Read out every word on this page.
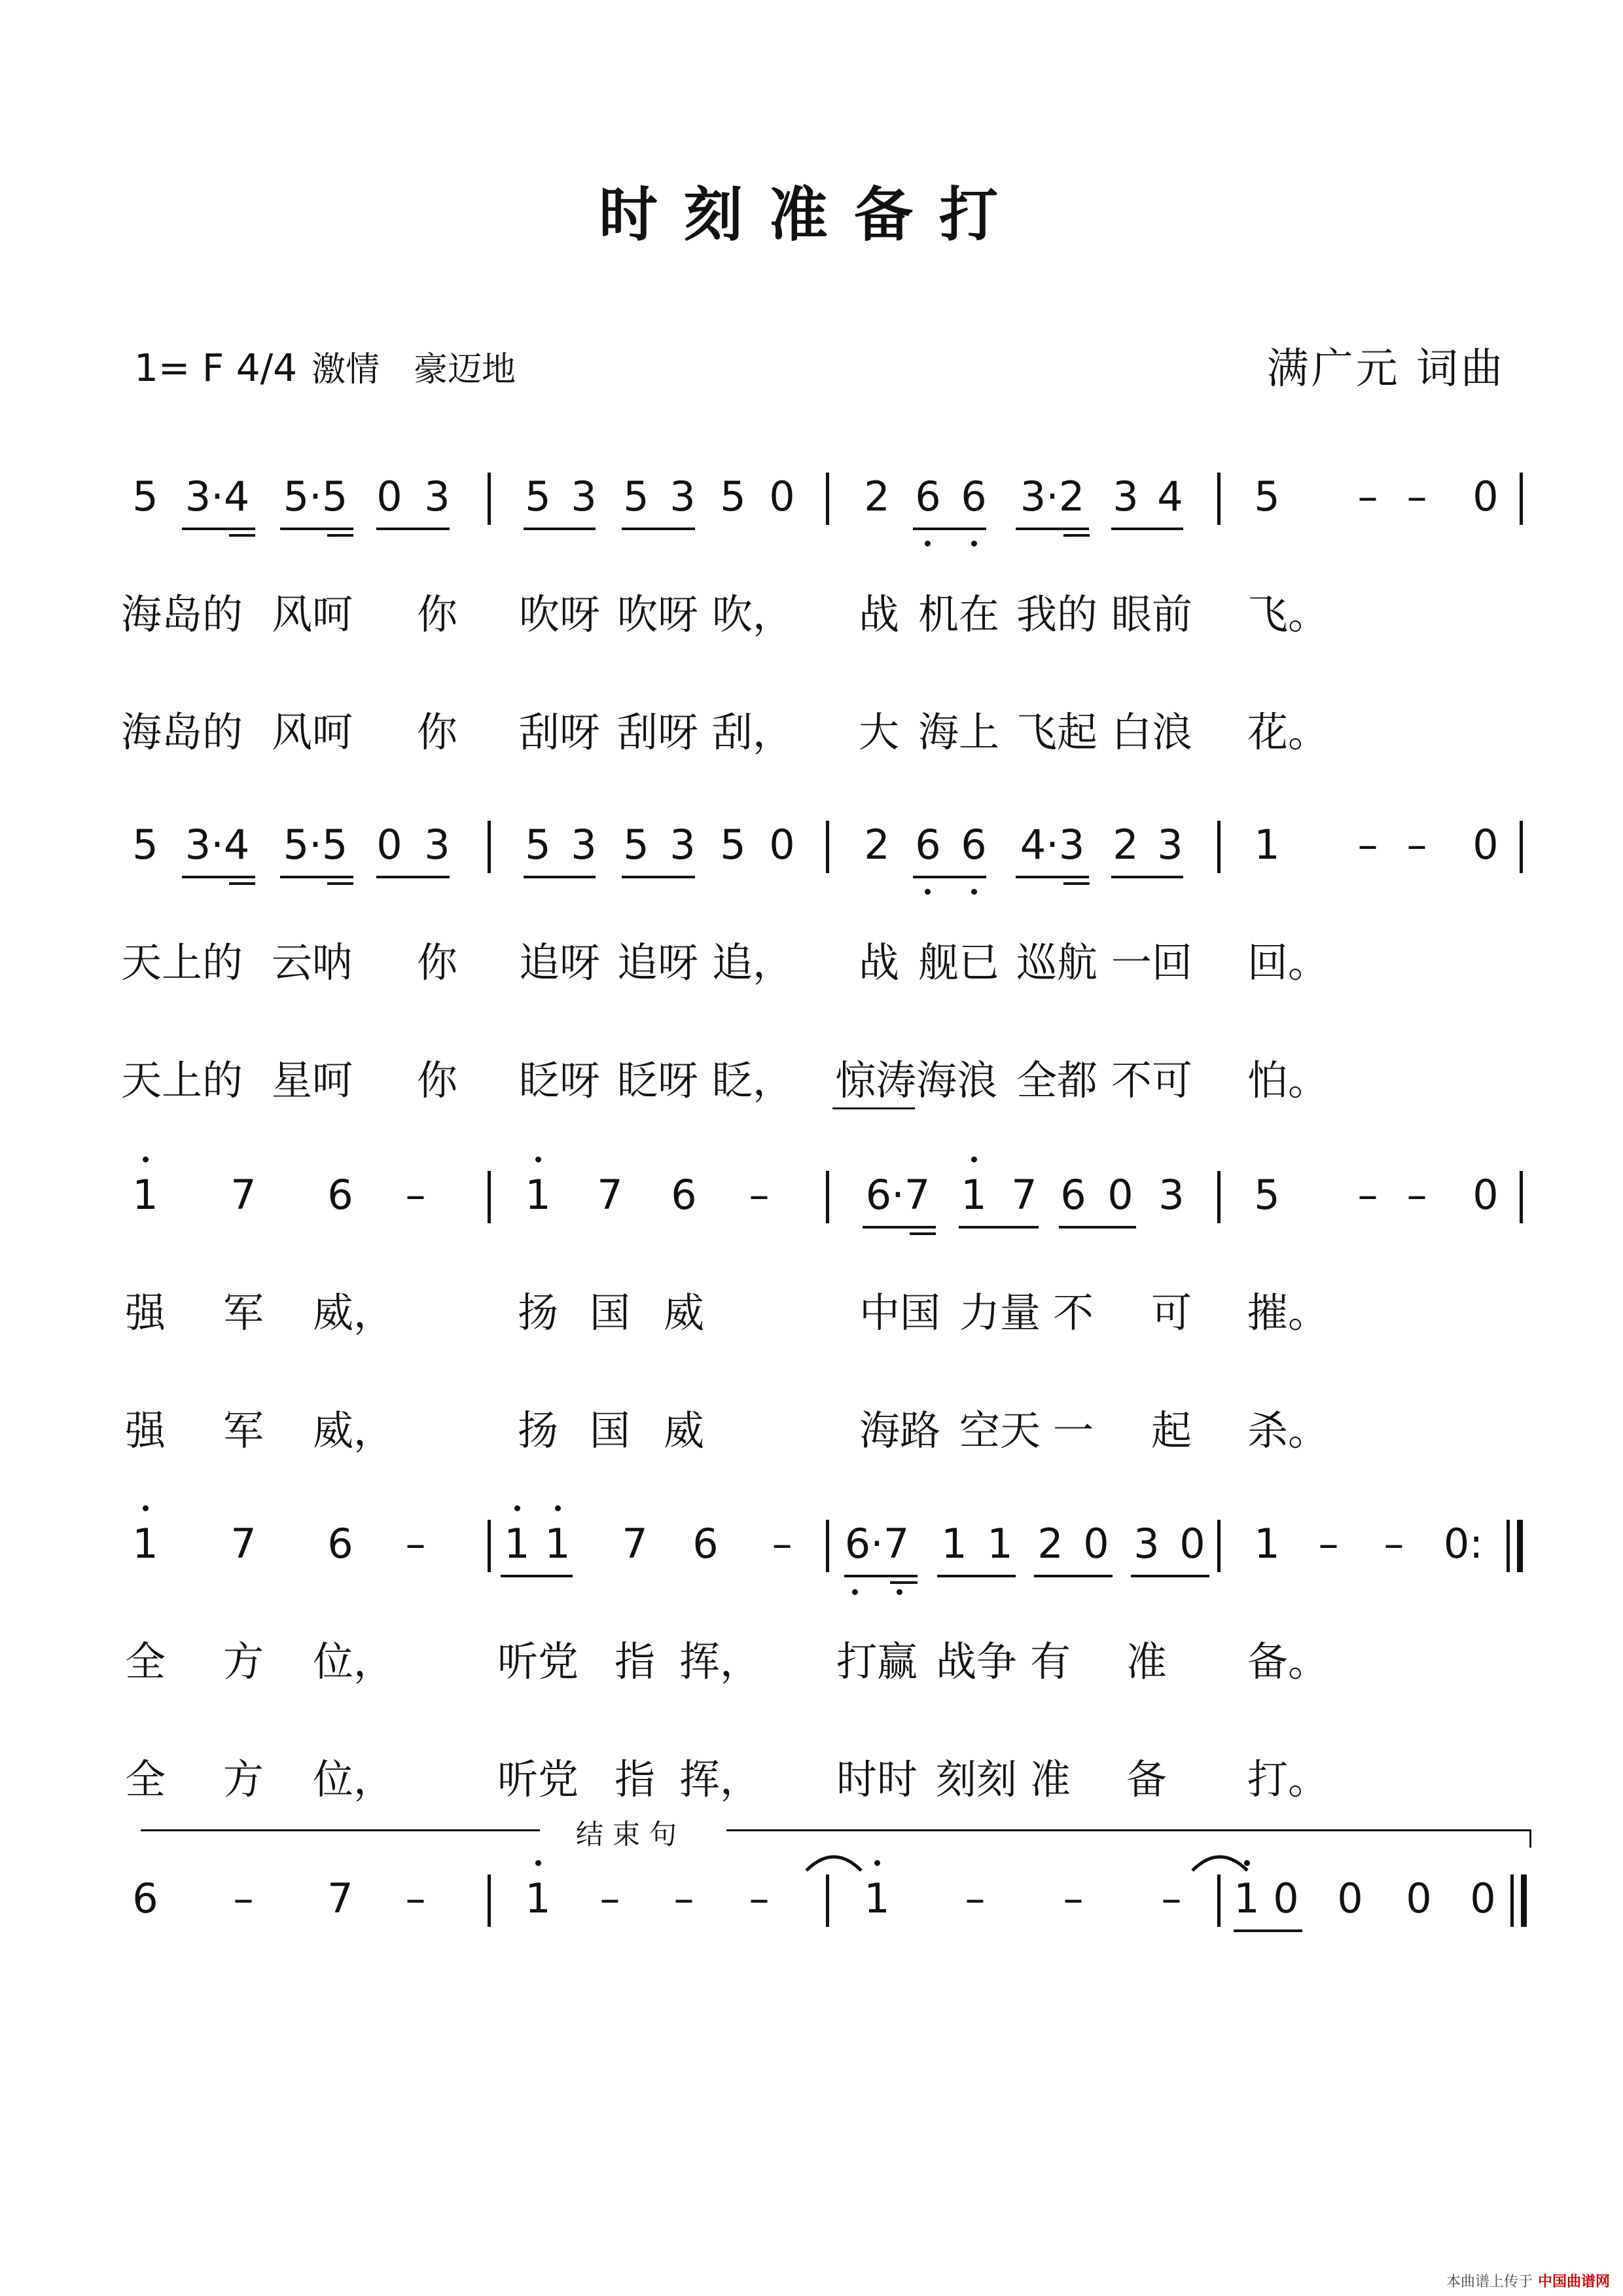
时刻准备打
1= F 4/4 激情　豪迈地	满广元 词曲
5 3·4 5·5 0 3 5 3 5 3 5 0 2 6 6 3·2 3 4 5 – – 0
海岛的 风呵 你 吹呀 吹呀 吹， 战 机在 我的 眼前 飞。
海岛的 风呵 你 刮呀 刮呀 刮， 大 海上 飞起 白浪 花。
5 3·4 5·5 0 3 5 3 5 3 5 0 2 6 6 4·3 2 3 1 – – 0
天上的 云呐 你 追呀 追呀 追， 战 舰已 巡航 一回 回。
天上的 星呵 你 眨呀 眨呀 眨， 惊涛海浪 全都 不可 怕。
1 7 6 – 1 7 6 – 6·7 1 7 6 0 3 5 – – 0
强 军 威，	扬 国 威	中国 力量 不 可 摧。
强 军 威，	扬 国 威	海路 空天 一 起 杀。
1 7 6 – 1 1 7 6 – 6·7 1 1 2 0 3 0 1 – – 0:
全 方 位，	听党 指 挥， 打赢 战争 有 准 备。
全 方 位，	听党 指 挥， 时时 刻刻 准 备 打。
结束句
6 – 7 – 1 – – – 1 – – – 1 0 0 0 0
本曲谱上传于 中国曲谱网
